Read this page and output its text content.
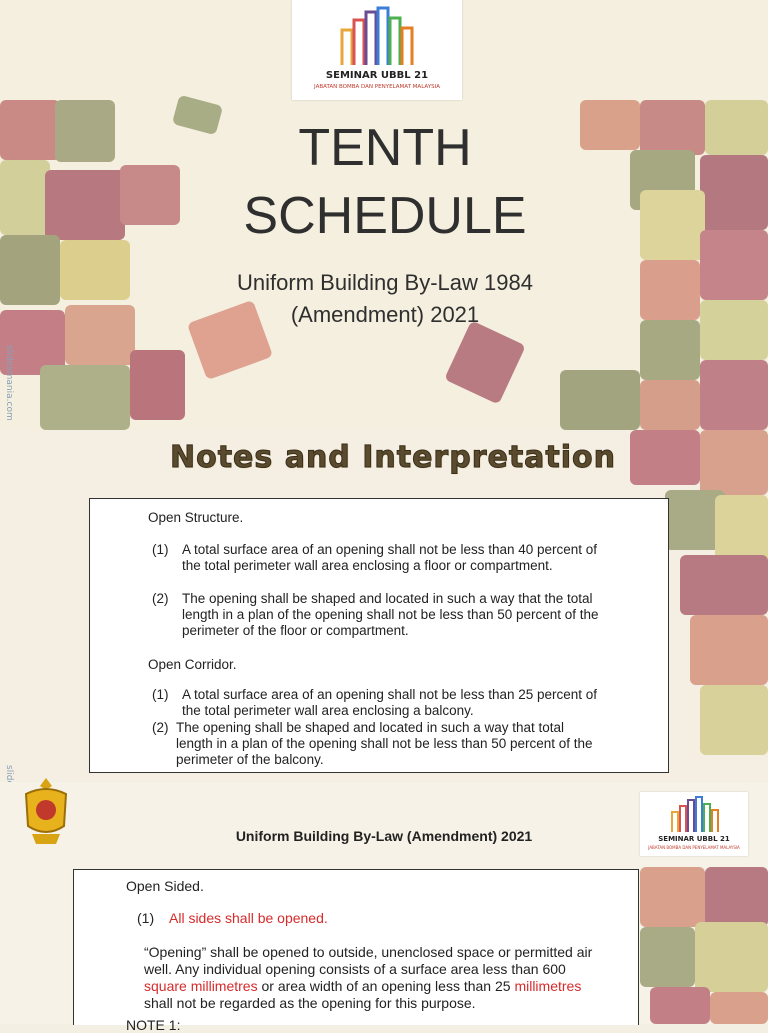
SEMINAR UBBL 21
JABATAN BOMBA DAN PENYELAMAT MALAYSIA
TENTH
SCHEDULE
Uniform Building By-Law 1984
(Amendment) 2021
slidesmania.com
Notes and Interpretation
Open Structure.
(1) A total surface area of an opening shall not be less than 40 percent of
the total perimeter wall area enclosing a floor or compartment.
(2) The opening shall be shaped and located in such a way that the total
length in a plan of the opening shall not be less than 50 percent of the
perimeter of the floor or compartment.
Open Corridor.
(1) A total surface area of an opening shall not be less than 25 percent of
the total perimeter wall area enclosing a balcony.
(2) The opening shall be shaped and located in such a way that total
length in a plan of the opening shall not be less than 50 percent of the
perimeter of the balcony.
SEMINAR UBBL 21
JABATAN BOMBA DAN PENYELAMAT MALAYSIA
Uniform Building By-Law (Amendment) 2021
Open Sided.
(1) All sides shall be opened.
“Opening” shall be opened to outside, unenclosed space or permitted air
well. Any individual opening consists of a surface area less than 600
square millimetres or area width of an opening less than 25 millimetres
shall not be regarded as the opening for this purpose.
NOTE 1:
